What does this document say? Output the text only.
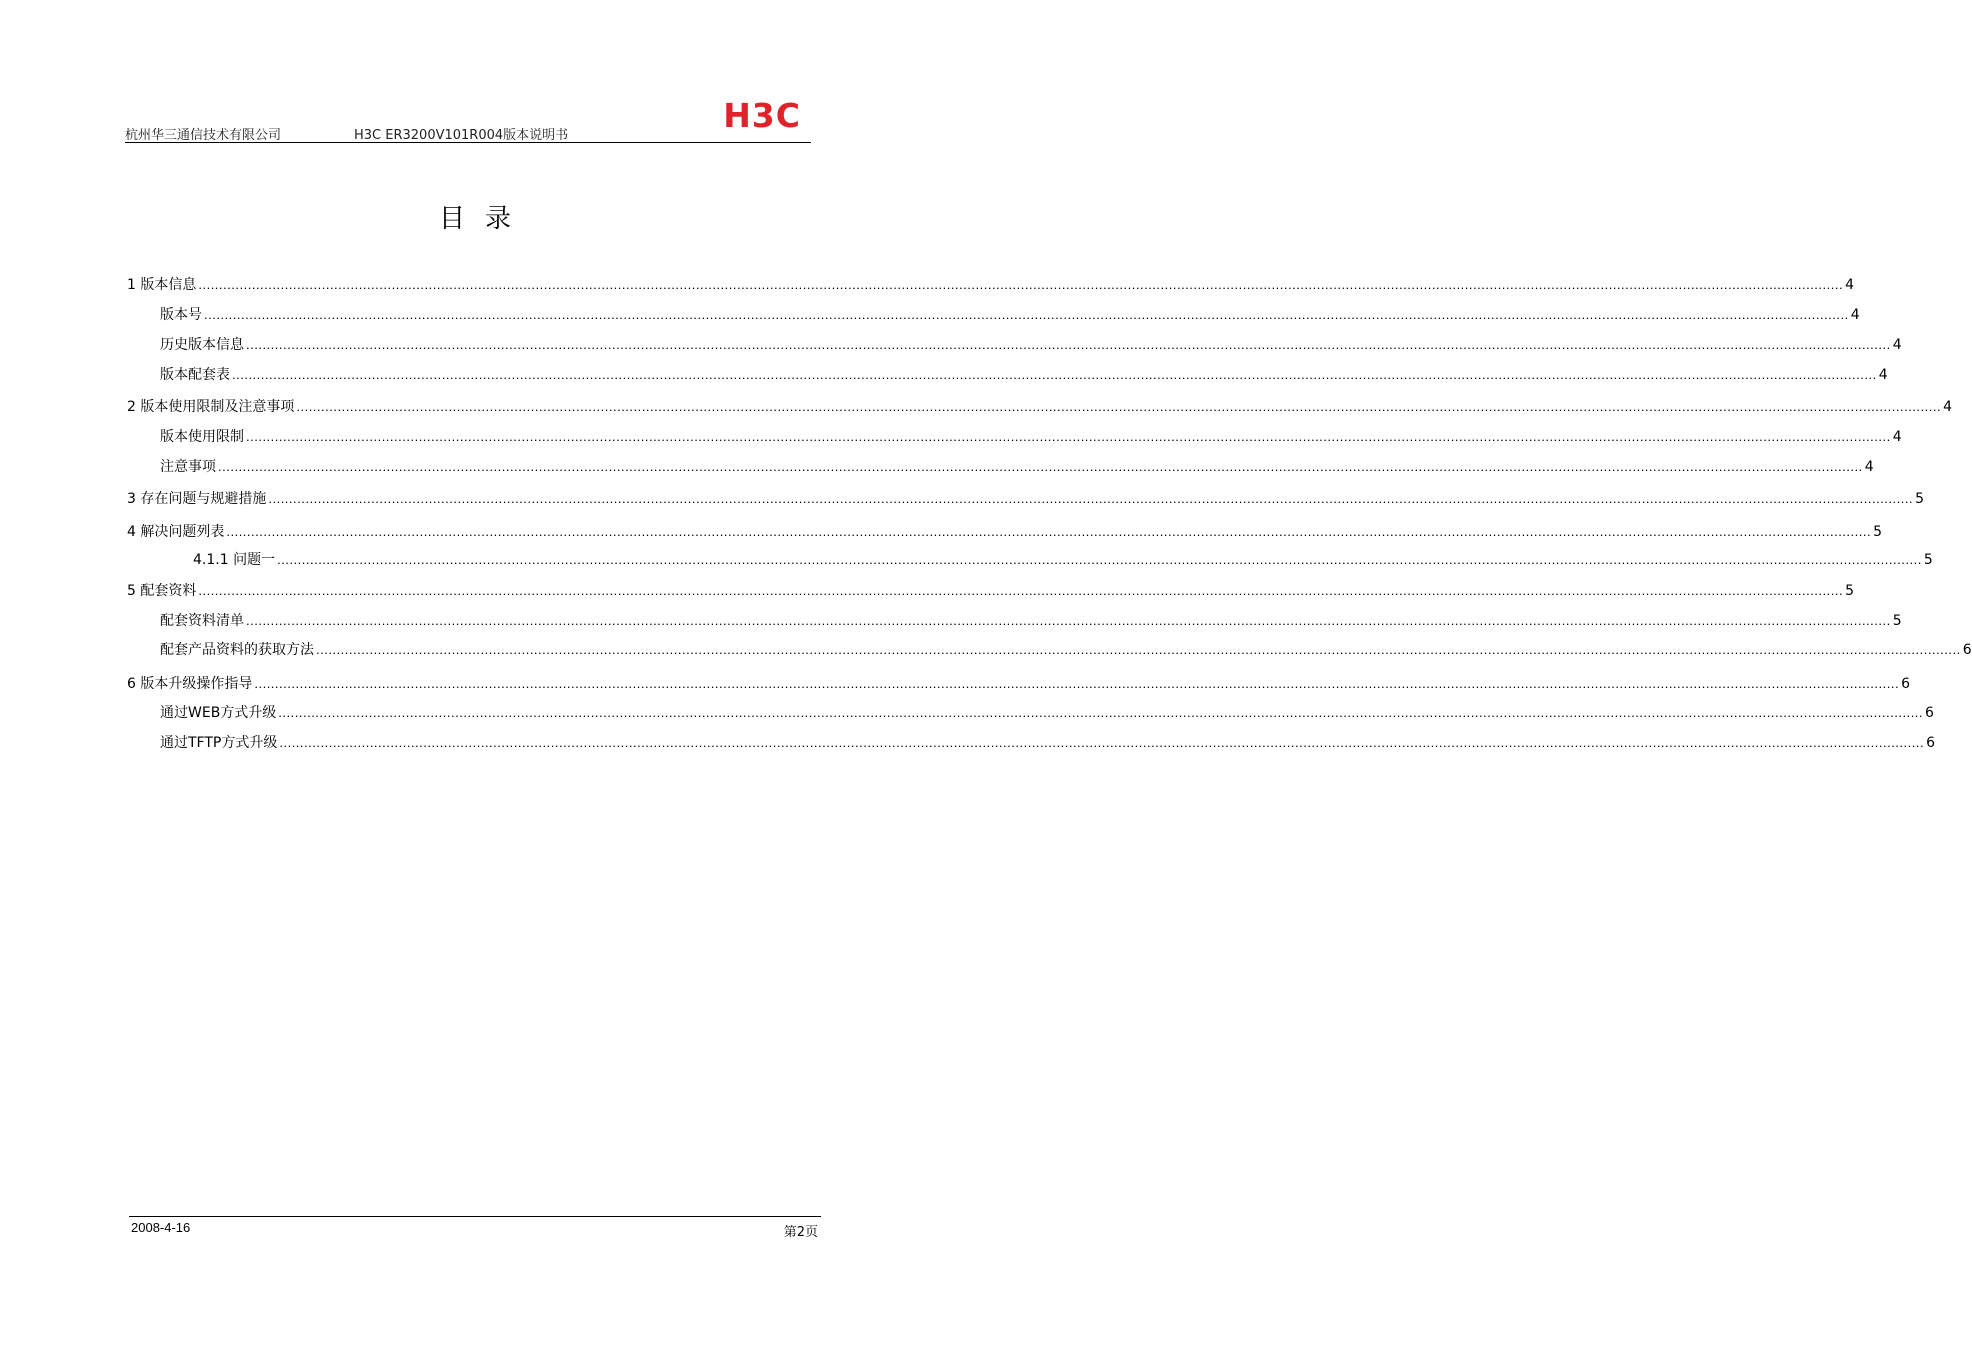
杭州华三通信技术有限公司	H3C ER3200V101R004版本说明书
H3C
目录
1 版本信息 ................................................................................................................................................................................................................................................................................................................................................................................................................ 4
版本号 ................................................................................................................................................................................................................................................................................................................................................................................................................ 4
历史版本信息 ................................................................................................................................................................................................................................................................................................................................................................................................................ 4
版本配套表 ................................................................................................................................................................................................................................................................................................................................................................................................................ 4
2 版本使用限制及注意事项 ................................................................................................................................................................................................................................................................................................................................................................................................................ 4
版本使用限制 ................................................................................................................................................................................................................................................................................................................................................................................................................ 4
注意事项 ................................................................................................................................................................................................................................................................................................................................................................................................................ 4
3 存在问题与规避措施 ................................................................................................................................................................................................................................................................................................................................................................................................................ 5
4 解决问题列表 ................................................................................................................................................................................................................................................................................................................................................................................................................ 5
4.1.1 问题一 ................................................................................................................................................................................................................................................................................................................................................................................................................ 5
5 配套资料 ................................................................................................................................................................................................................................................................................................................................................................................................................ 5
配套资料清单 ................................................................................................................................................................................................................................................................................................................................................................................................................ 5
配套产品资料的获取方法 ................................................................................................................................................................................................................................................................................................................................................................................................................ 6
6 版本升级操作指导 ................................................................................................................................................................................................................................................................................................................................................................................................................ 6
通过WEB方式升级 ................................................................................................................................................................................................................................................................................................................................................................................................................ 6
通过TFTP方式升级 ................................................................................................................................................................................................................................................................................................................................................................................................................ 6
2008-4-16	第2页
